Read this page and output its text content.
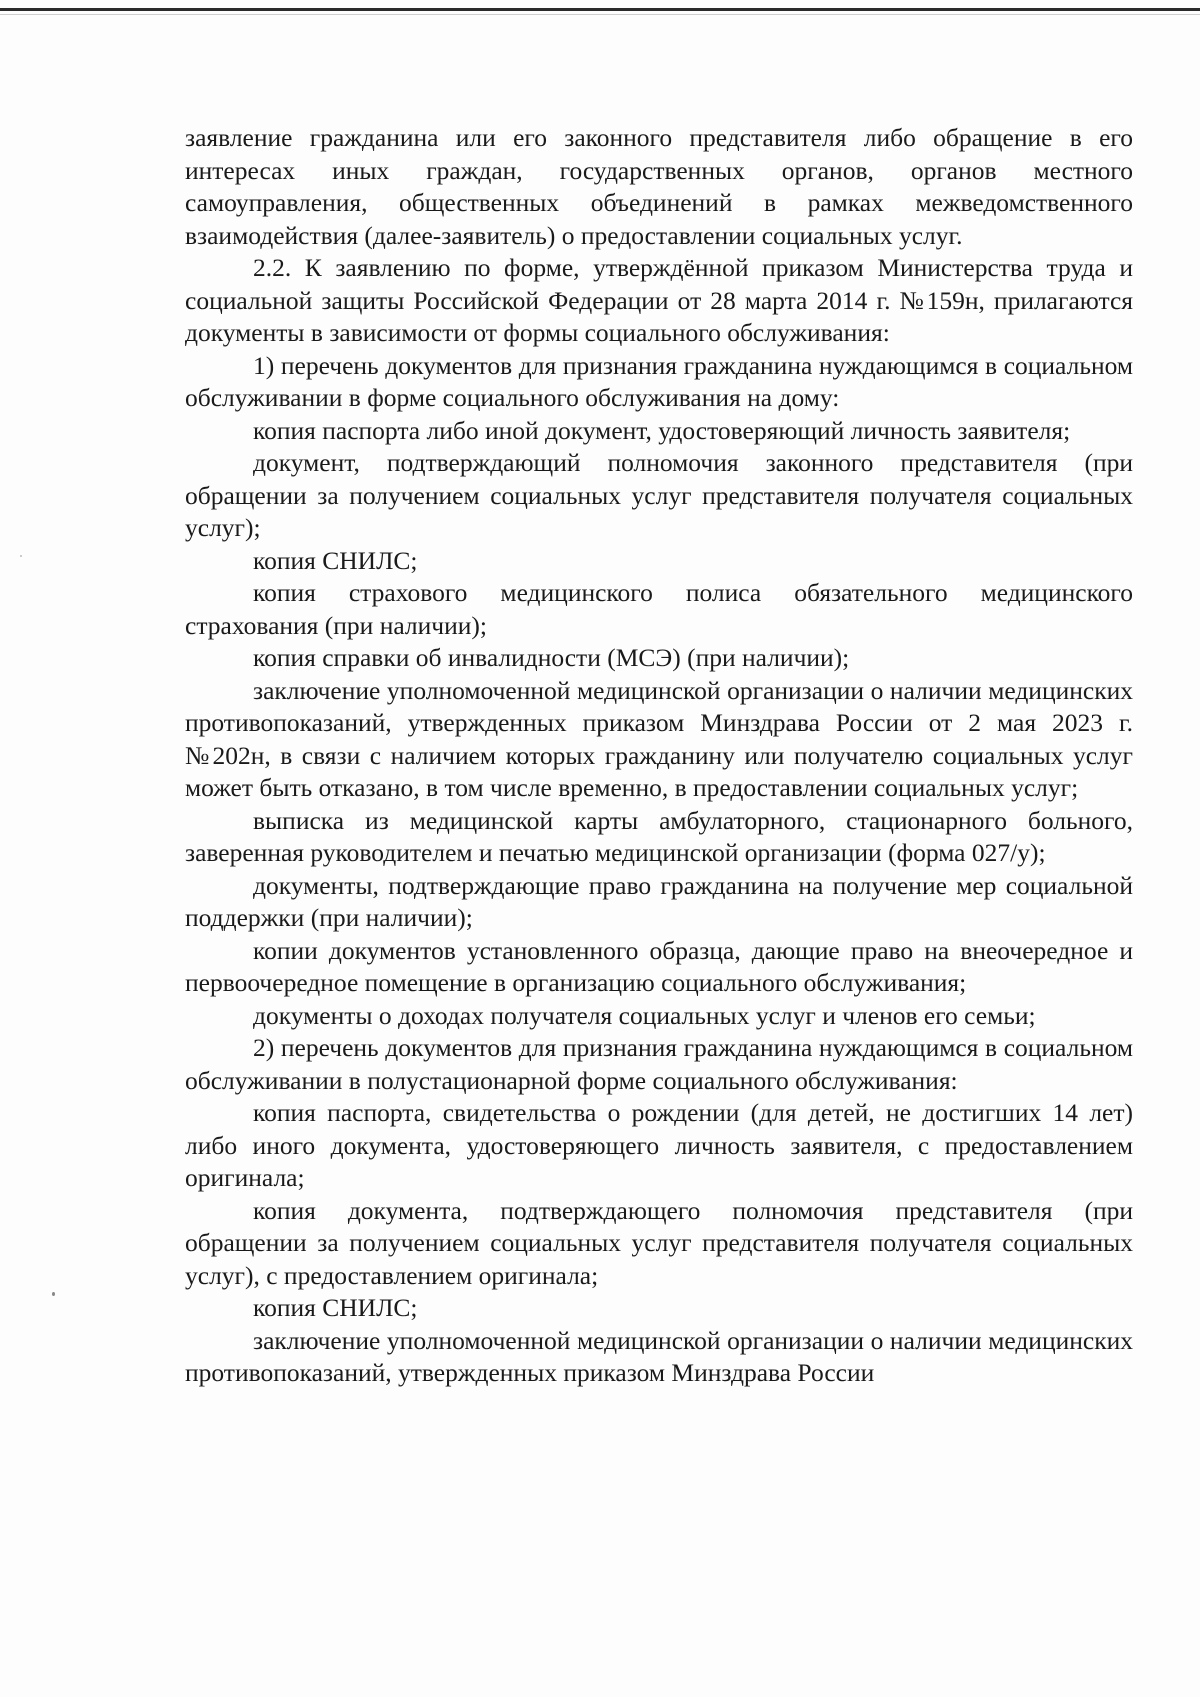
заявление гражданина или его законного представителя либо обращение в его интересах иных граждан, государственных органов, органов местного самоуправления, общественных объединений в рамках межведомственного взаимодействия (далее-заявитель) о предоставлении социальных услуг.

2.2. К заявлению по форме, утверждённой приказом Министерства труда и социальной защиты Российской Федерации от 28 марта 2014 г. №159н, прилагаются документы в зависимости от формы социального обслуживания:

1) перечень документов для признания гражданина нуждающимся в социальном обслуживании в форме социального обслуживания на дому:

копия паспорта либо иной документ, удостоверяющий личность заявителя;

документ, подтверждающий полномочия законного представителя (при обращении за получением социальных услуг представителя получателя социальных услуг);

копия СНИЛС;

копия страхового медицинского полиса обязательного медицинского страхования (при наличии);

копия справки об инвалидности (МСЭ) (при наличии);

заключение уполномоченной медицинской организации о наличии медицинских противопоказаний, утвержденных приказом Минздрава России от 2 мая 2023 г. №202н, в связи с наличием которых гражданину или получателю социальных услуг может быть отказано, в том числе временно, в предоставлении социальных услуг;

выписка из медицинской карты амбулаторного, стационарного больного, заверенная руководителем и печатью медицинской организации (форма 027/у);

документы, подтверждающие право гражданина на получение мер социальной поддержки (при наличии);

копии документов установленного образца, дающие право на внеочередное и первоочередное помещение в организацию социального обслуживания;

документы о доходах получателя социальных услуг и членов его семьи;

2) перечень документов для признания гражданина нуждающимся в социальном обслуживании в полустационарной форме социального обслуживания:

копия паспорта, свидетельства о рождении (для детей, не достигших 14 лет) либо иного документа, удостоверяющего личность заявителя, с предоставлением оригинала;

копия документа, подтверждающего полномочия представителя (при обращении за получением социальных услуг представителя получателя социальных услуг), с предоставлением оригинала;

копия СНИЛС;

заключение уполномоченной медицинской организации о наличии медицинских противопоказаний, утвержденных приказом Минздрава России
